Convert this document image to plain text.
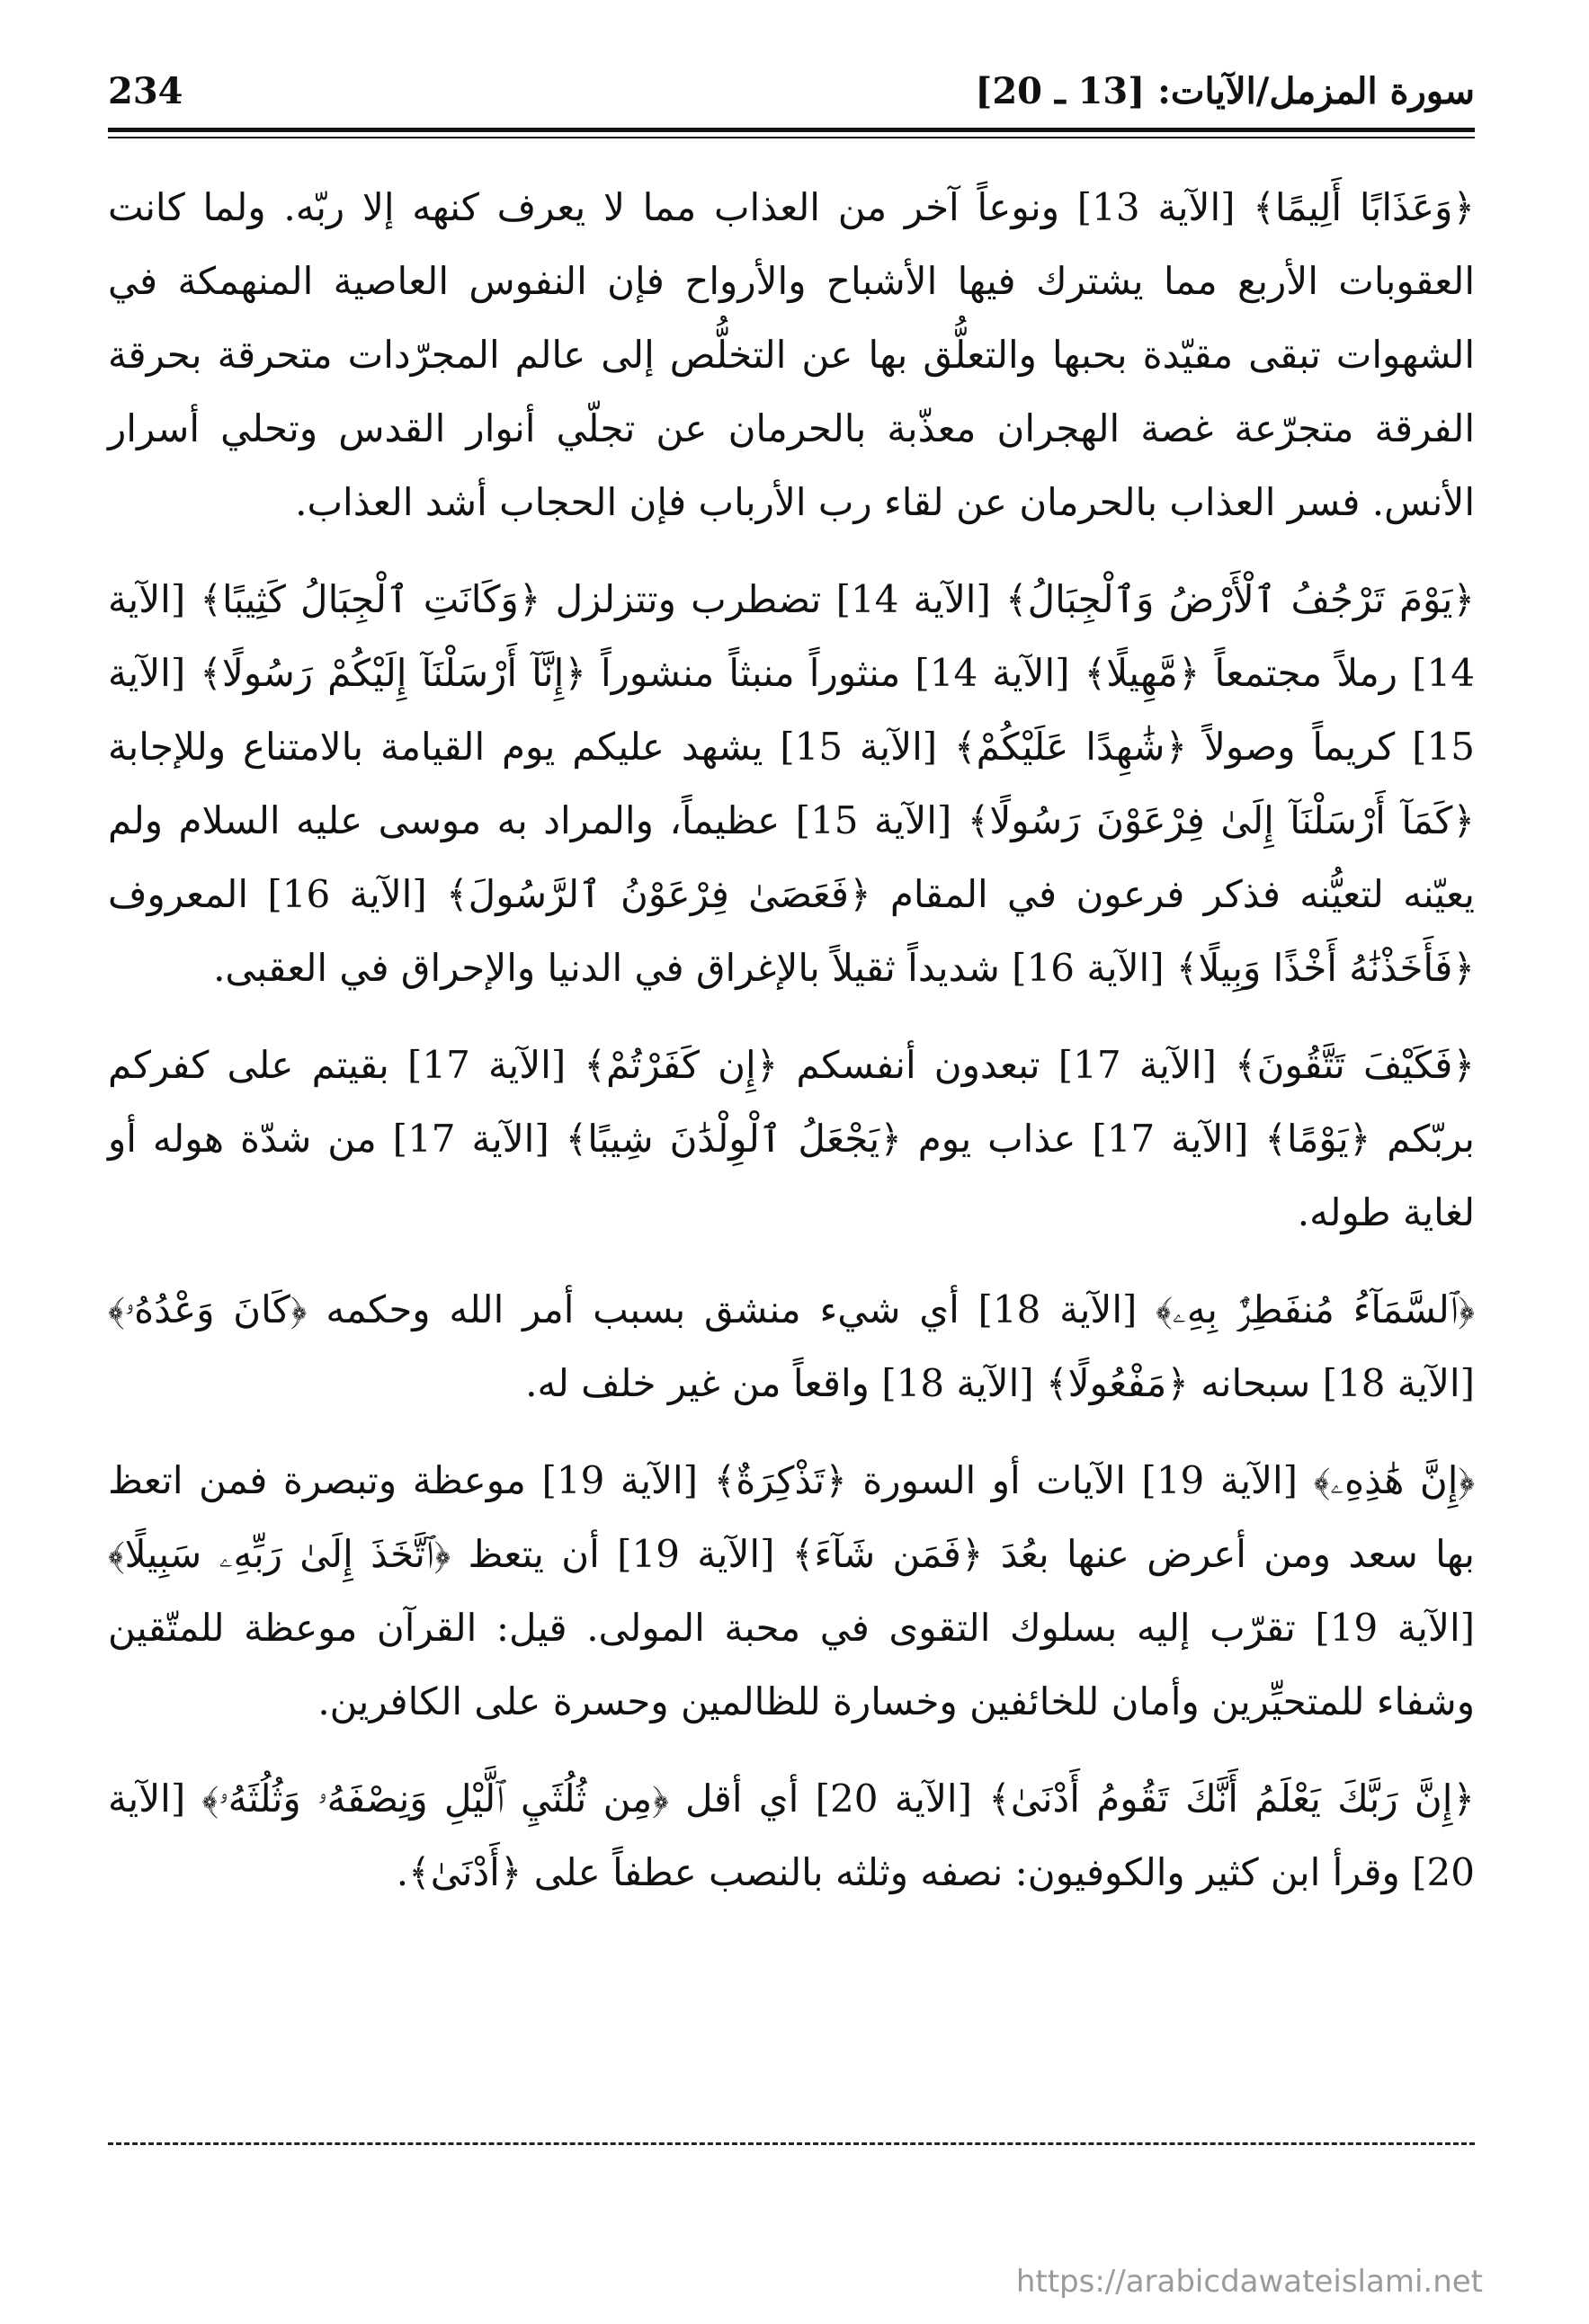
234	سورة المزمل/الآيات: [13 ـ 20]

﴿وَعَذَابًا أَلِيمًا﴾ [الآية 13] ونوعاً آخر من العذاب مما لا يعرف كنهه إلا ربّه. ولما كانت العقوبات الأربع مما يشترك فيها الأشباح والأرواح فإن النفوس العاصية المنهمكة في الشهوات تبقى مقيّدة بحبها والتعلُّق بها عن التخلُّص إلى عالم المجرّدات متحرقة بحرقة الفرقة متجرّعة غصة الهجران معذّبة بالحرمان عن تجلّي أنوار القدس وتحلي أسرار الأنس. فسر العذاب بالحرمان عن لقاء رب الأرباب فإن الحجاب أشد العذاب.

﴿يَوْمَ تَرْجُفُ ٱلْأَرْضُ وَٱلْجِبَالُ﴾ [الآية 14] تضطرب وتتزلزل ﴿وَكَانَتِ ٱلْجِبَالُ كَثِيبًا﴾ [الآية 14] رملاً مجتمعاً ﴿مَّهِيلًا﴾ [الآية 14] منثوراً منبثاً منشوراً ﴿إِنَّآ أَرْسَلْنَآ إِلَيْكُمْ رَسُولًا﴾ [الآية 15] كريماً وصولاً ﴿شَٰهِدًا عَلَيْكُمْ﴾ [الآية 15] يشهد عليكم يوم القيامة بالامتناع وللإجابة ﴿كَمَآ أَرْسَلْنَآ إِلَىٰ فِرْعَوْنَ رَسُولًا﴾ [الآية 15] عظيماً، والمراد به موسى عليه السلام ولم يعيّنه لتعيُّنه فذكر فرعون في المقام ﴿فَعَصَىٰ فِرْعَوْنُ ٱلرَّسُولَ﴾ [الآية 16] المعروف ﴿فَأَخَذْنَٰهُ أَخْذًا وَبِيلًا﴾ [الآية 16] شديداً ثقيلاً بالإغراق في الدنيا والإحراق في العقبى.

﴿فَكَيْفَ تَتَّقُونَ﴾ [الآية 17] تبعدون أنفسكم ﴿إِن كَفَرْتُمْ﴾ [الآية 17] بقيتم على كفركم بربّكم ﴿يَوْمًا﴾ [الآية 17] عذاب يوم ﴿يَجْعَلُ ٱلْوِلْدَٰنَ شِيبًا﴾ [الآية 17] من شدّة هوله أو لغاية طوله.

﴿ٱلسَّمَآءُ مُنفَطِرٌۢ بِهِۦ﴾ [الآية 18] أي شيء منشق بسبب أمر الله وحكمه ﴿كَانَ وَعْدُهُۥ﴾ [الآية 18] سبحانه ﴿مَفْعُولًا﴾ [الآية 18] واقعاً من غير خلف له.

﴿إِنَّ هَٰذِهِۦ﴾ [الآية 19] الآيات أو السورة ﴿تَذْكِرَةٌ﴾ [الآية 19] موعظة وتبصرة فمن اتعظ بها سعد ومن أعرض عنها بعُدَ ﴿فَمَن شَآءَ﴾ [الآية 19] أن يتعظ ﴿ٱتَّخَذَ إِلَىٰ رَبِّهِۦ سَبِيلًا﴾ [الآية 19] تقرّب إليه بسلوك التقوى في محبة المولى. قيل: القرآن موعظة للمتّقين وشفاء للمتحيِّرين وأمان للخائفين وخسارة للظالمين وحسرة على الكافرين.

﴿إِنَّ رَبَّكَ يَعْلَمُ أَنَّكَ تَقُومُ أَدْنَىٰ﴾ [الآية 20] أي أقل ﴿مِن ثُلُثَيِ ٱلَّيْلِ وَنِصْفَهُۥ وَثُلُثَهُۥ﴾ [الآية 20] وقرأ ابن كثير والكوفيون: نصفه وثلثه بالنصب عطفاً على ﴿أَدْنَىٰ﴾.

https://arabicdawateislami.net
